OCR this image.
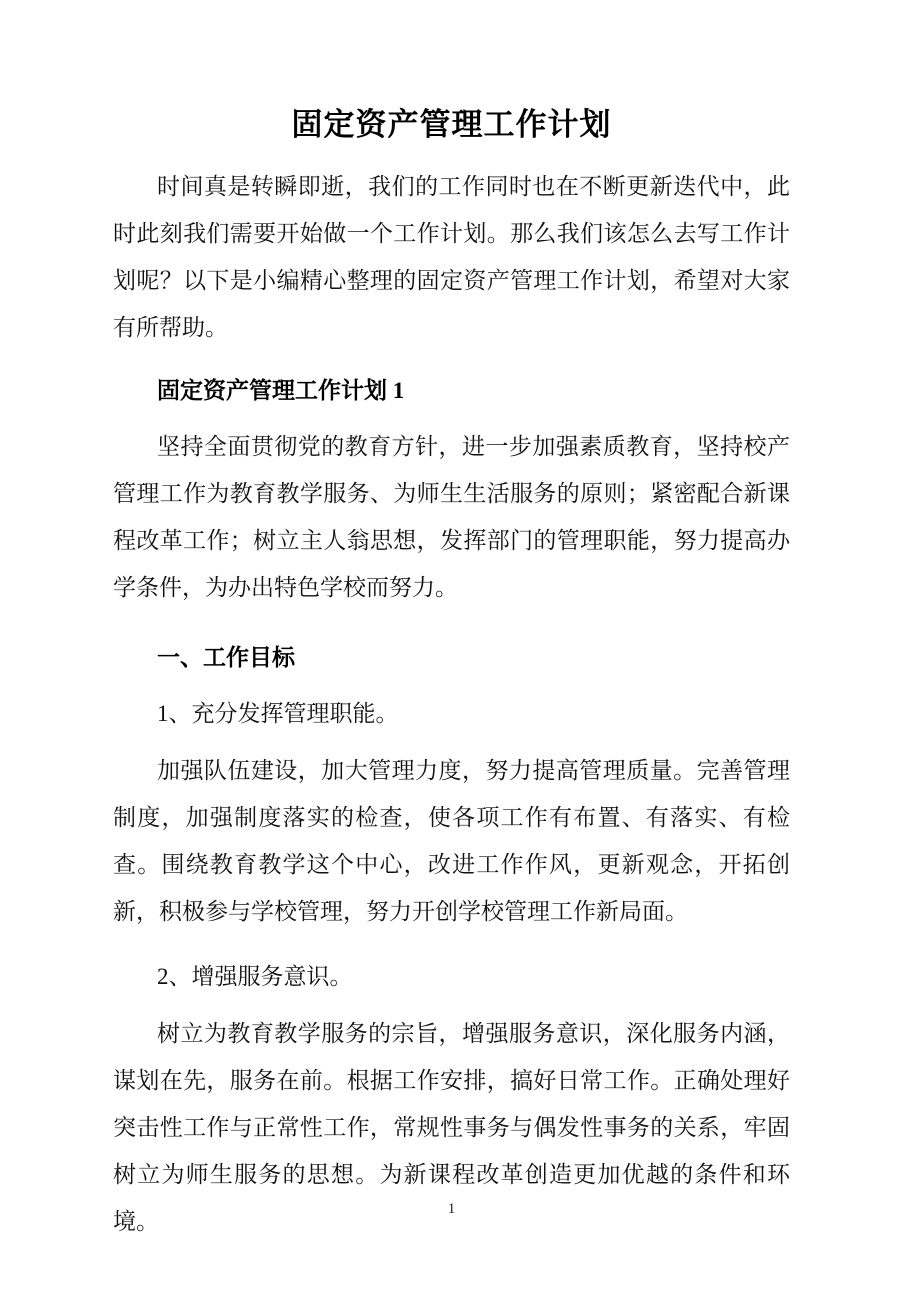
固定资产管理工作计划

时间真是转瞬即逝，我们的工作同时也在不断更新迭代中，此时此刻我们需要开始做一个工作计划。那么我们该怎么去写工作计划呢？以下是小编精心整理的固定资产管理工作计划，希望对大家有所帮助。

固定资产管理工作计划 1

坚持全面贯彻党的教育方针，进一步加强素质教育，坚持校产管理工作为教育教学服务、为师生生活服务的原则；紧密配合新课程改革工作；树立主人翁思想，发挥部门的管理职能，努力提高办学条件，为办出特色学校而努力。

一、工作目标

1、充分发挥管理职能。

加强队伍建设，加大管理力度，努力提高管理质量。完善管理制度，加强制度落实的检查，使各项工作有布置、有落实、有检查。围绕教育教学这个中心，改进工作作风，更新观念，开拓创新，积极参与学校管理，努力开创学校管理工作新局面。

2、增强服务意识。

树立为教育教学服务的宗旨，增强服务意识，深化服务内涵，谋划在先，服务在前。根据工作安排，搞好日常工作。正确处理好突击性工作与正常性工作，常规性事务与偶发性事务的关系，牢固树立为师生服务的思想。为新课程改革创造更加优越的条件和环境。	1
